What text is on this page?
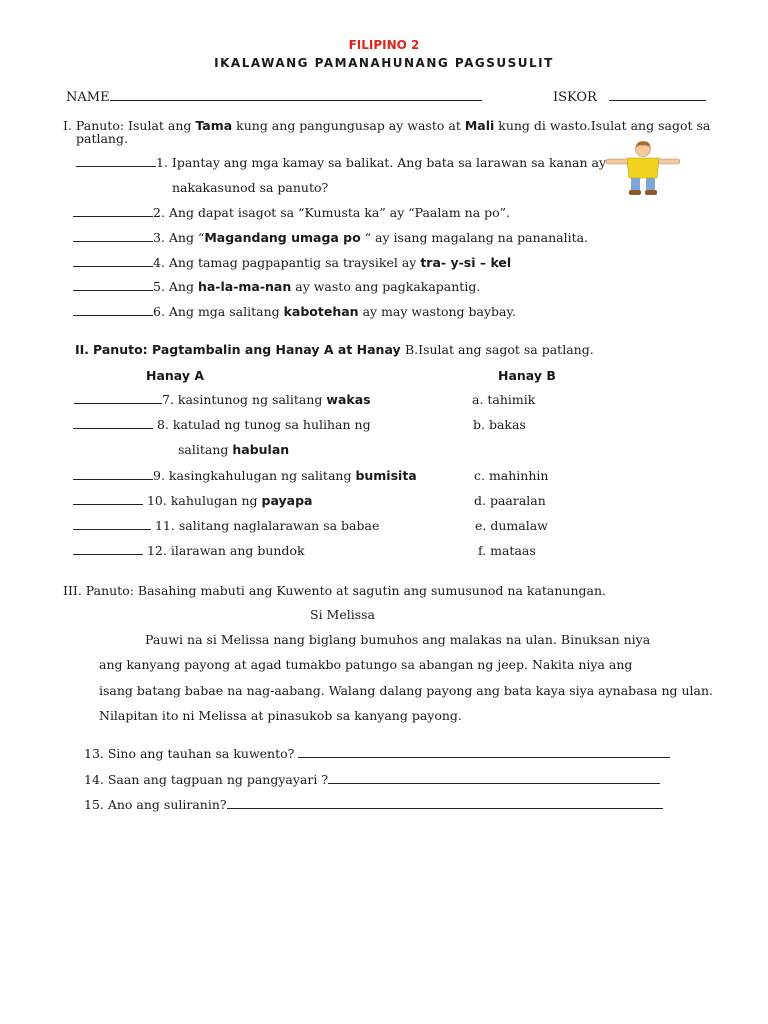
FILIPINO 2
IKALAWANG PAMANAHUNANG PAGSUSULIT
NAME	ISKOR
I. Panuto: Isulat ang Tama kung ang pangungusap ay wasto at Mali kung di wasto.Isulat ang sagot sa
patlang.
1. Ipantay ang mga kamay sa balikat. Ang bata sa larawan sa kanan ay
nakakasunod sa panuto?
2. Ang dapat isagot sa “Kumusta ka” ay “Paalam na po”.
3. Ang “Magandang umaga po “ ay isang magalang na pananalita.
4. Ang tamag pagpapantig sa traysikel ay tra- y-si – kel
5. Ang ha-la-ma-nan ay wasto ang pagkakapantig.
6. Ang mga salitang kabotehan ay may wastong baybay.
II. Panuto: Pagtambalin ang Hanay A at Hanay B.Isulat ang sagot sa patlang.
Hanay A	Hanay B
7. kasintunog ng salitang wakas	a. tahimik
8. katulad ng tunog sa hulihan ng	b. bakas
salitang habulan
9. kasingkahulugan ng salitang bumisita	c. mahinhin
10. kahulugan ng payapa	d. paaralan
11. salitang naglalarawan sa babae	e. dumalaw
12. ilarawan ang bundok	f. mataas
III. Panuto: Basahing mabuti ang Kuwento at sagutin ang sumusunod na katanungan.
Si Melissa
Pauwi na si Melissa nang biglang bumuhos ang malakas na ulan. Binuksan niya
ang kanyang payong at agad tumakbo patungo sa abangan ng jeep. Nakita niya ang
isang batang babae na nag-aabang. Walang dalang payong ang bata kaya siya aynabasa ng ulan.
Nilapitan ito ni Melissa at pinasukob sa kanyang payong.
13. Sino ang tauhan sa kuwento?
14. Saan ang tagpuan ng pangyayari ?
15. Ano ang suliranin?
